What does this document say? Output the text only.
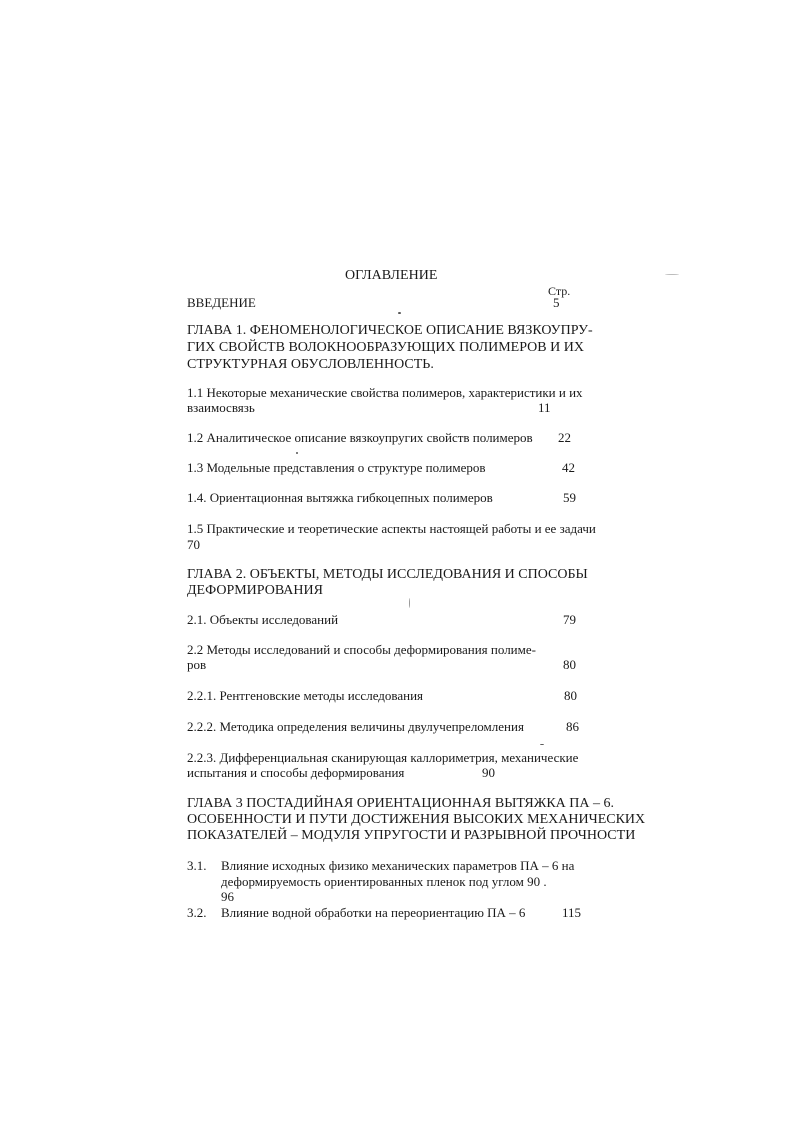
ОГЛАВЛЕНИЕ
Стр.
ВВЕДЕНИЕ	5
ГЛАВА 1. ФЕНОМЕНОЛОГИЧЕСКОЕ ОПИСАНИЕ ВЯЗКОУПРУ-
ГИХ СВОЙСТВ ВОЛОКНООБРАЗУЮЩИХ ПОЛИМЕРОВ И ИХ
СТРУКТУРНАЯ ОБУСЛОВЛЕННОСТЬ.
1.1 Некоторые механические свойства полимеров, характеристики и их
взаимосвязь	11
1.2 Аналитическое описание вязкоупругих свойств полимеров 22
1.3 Модельные представления о структуре полимеров	42
1.4. Ориентационная вытяжка гибкоцепных полимеров	59
1.5 Практические и теоретические аспекты настоящей работы и ее задачи
70
ГЛАВА 2. ОБЪЕКТЫ, МЕТОДЫ ИССЛЕДОВАНИЯ И СПОСОБЫ
ДЕФОРМИРОВАНИЯ
2.1. Объекты исследований	79
2.2 Методы исследований и способы деформирования полиме-
ров	80
2.2.1. Рентгеновские методы исследования	80
2.2.2. Методика определения величины двулучепреломления	86
2.2.3. Дифференциальная сканирующая каллориметрия, механические
испытания и способы деформирования	90
ГЛАВА 3 ПОСТАДИЙНАЯ ОРИЕНТАЦИОННАЯ ВЫТЯЖКА ПА – 6.
ОСОБЕННОСТИ И ПУТИ ДОСТИЖЕНИЯ ВЫСОКИХ МЕХАНИЧЕСКИХ
ПОКАЗАТЕЛЕЙ – МОДУЛЯ УПРУГОСТИ И РАЗРЫВНОЙ ПРОЧНОСТИ
3.1. Влияние исходных физико механических параметров ПА – 6 на
деформируемость ориентированных пленок под углом 90 .
96
3.2. Влияние водной обработки на переориентацию ПА – 6	115
